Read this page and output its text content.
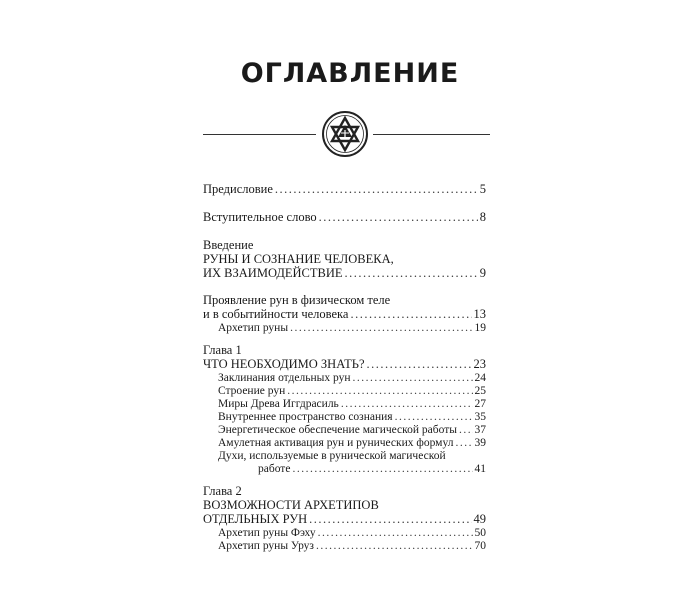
ОГЛАВЛЕНИЕ
Предисловие .....	5
Вступительное слово .....	8
Введение
РУНЫ И СОЗНАНИЕ ЧЕЛОВЕКА,
ИХ ВЗАИМОДЕЙСТВИЕ .....	9
Проявление рун в физическом теле
и в событийности человека .....	13
Архетип руны .....	19
Глава 1
ЧТО НЕОБХОДИМО ЗНАТЬ? .....	23
Заклинания отдельных рун .....	24
Строение рун .....	25
Миры Древа Иггдрасиль .....	27
Внутреннее пространство сознания .....	35
Энергетическое обеспечение магической работы ..... 37
Амулетная активация рун и рунических формул ..... 39
Духи, используемые в рунической магической
работе .....	41
Глава 2
ВОЗМОЖНОСТИ АРХЕТИПОВ
ОТДЕЛЬНЫХ РУН .....	49
Архетип руны Фэху .....	50
Архетип руны Уруз .....	70
